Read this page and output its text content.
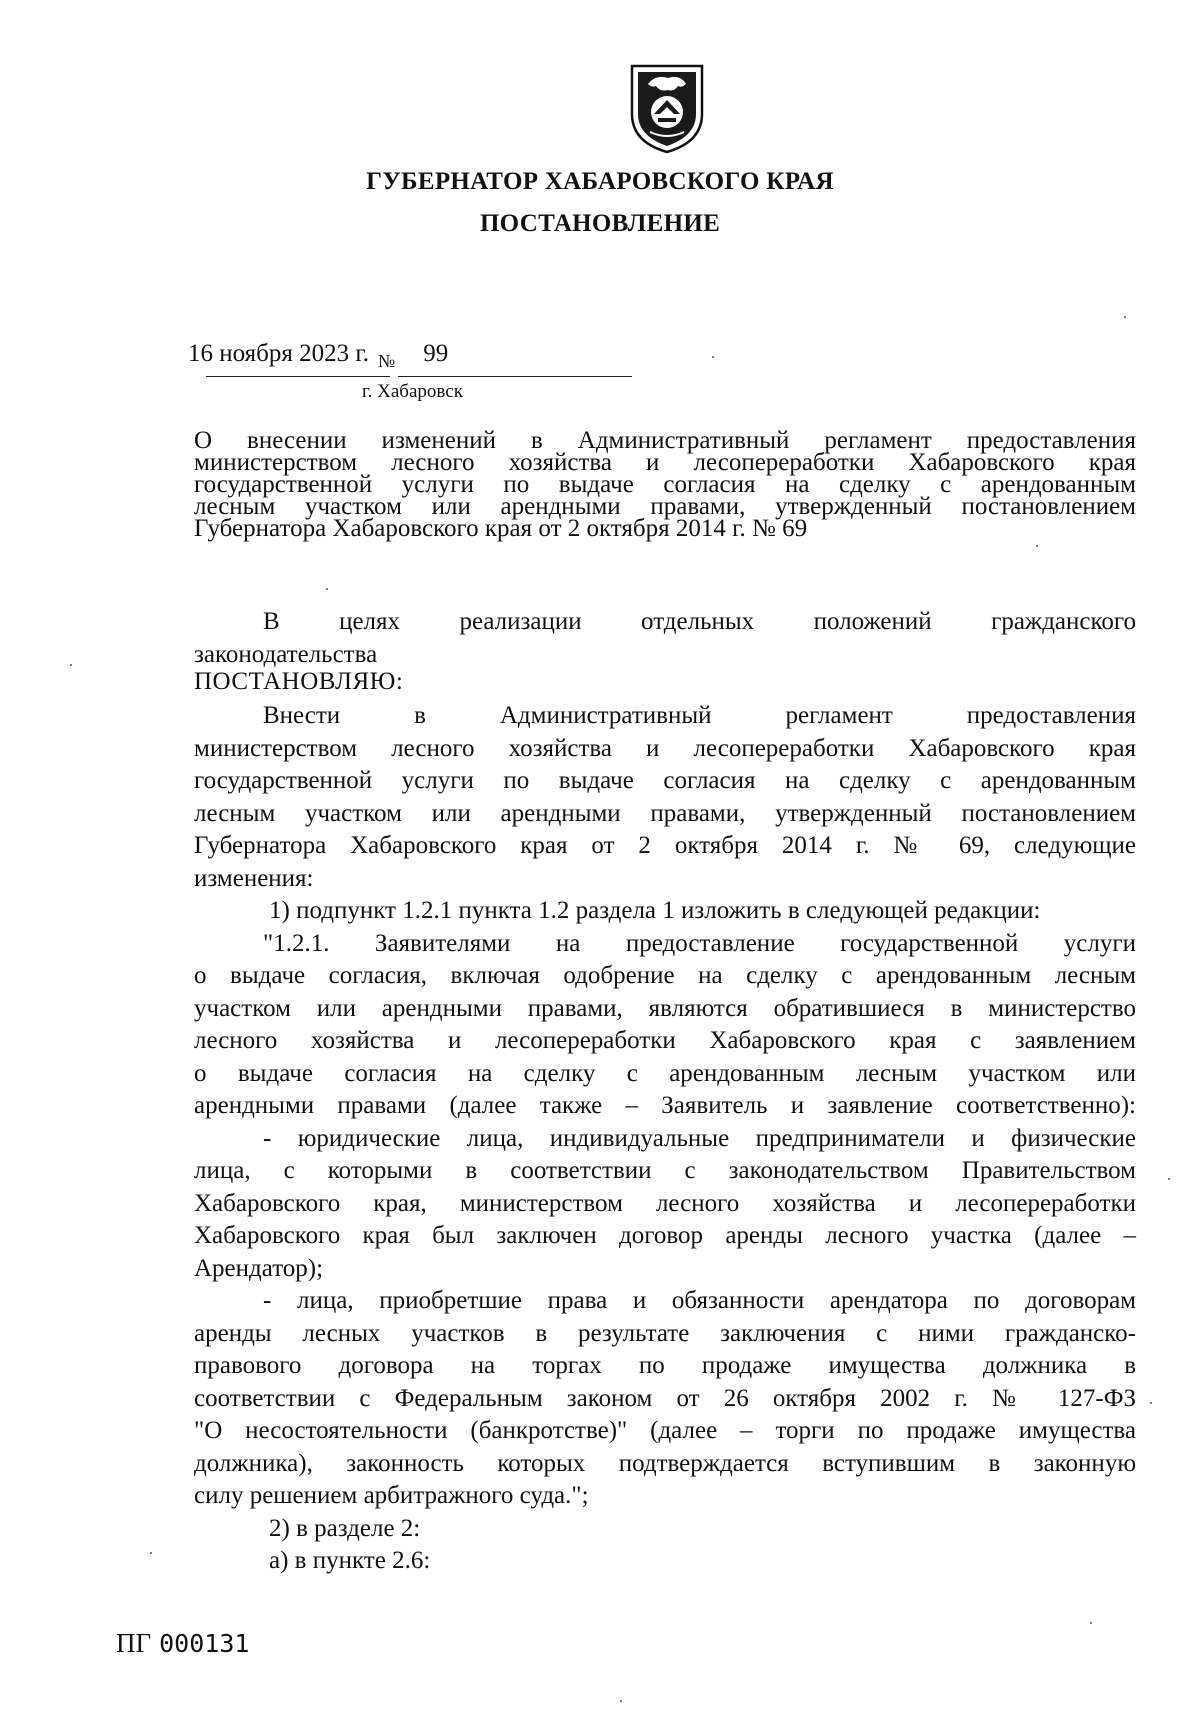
ГУБЕРНАТОР ХАБАРОВСКОГО КРАЯ
ПОСТАНОВЛЕНИЕ
16 ноября 2023 г. $_№$ 99
г. Хабаровск
О внесении изменений в Административный регламент предоставления
министерством лесного хозяйства и лесопереработки Хабаровского края
государственной услуги по выдаче согласия на сделку с арендованным
лесным участком или арендными правами, утвержденный постановлением
Губернатора Хабаровского края от 2 октября 2014 г. № 69
В целях реализации отдельных положений гражданского
законодательства
ПОСТАНОВЛЯЮ:
Внести в Административный регламент предоставления
министерством лесного хозяйства и лесопереработки Хабаровского края
государственной услуги по выдаче согласия на сделку с арендованным
лесным участком или арендными правами, утвержденный постановлением
Губернатора Хабаровского края от 2 октября 2014 г. № 69, следующие
изменения:
1) подпункт 1.2.1 пункта 1.2 раздела 1 изложить в следующей редакции:
"1.2.1. Заявителями на предоставление государственной услуги
о выдаче согласия, включая одобрение на сделку с арендованным лесным
участком или арендными правами, являются обратившиеся в министерство
лесного хозяйства и лесопереработки Хабаровского края с заявлением
о выдаче согласия на сделку с арендованным лесным участком или
арендными правами (далее также – Заявитель и заявление соответственно):
- юридические лица, индивидуальные предприниматели и физические
лица, с которыми в соответствии с законодательством Правительством
Хабаровского края, министерством лесного хозяйства и лесопереработки
Хабаровского края был заключен договор аренды лесного участка (далее –
Арендатор);
- лица, приобретшие права и обязанности арендатора по договорам
аренды лесных участков в результате заключения с ними гражданско-
правового договора на торгах по продаже имущества должника в
соответствии с Федеральным законом от 26 октября 2002 г. № 127-ФЗ
"О несостоятельности (банкротстве)" (далее – торги по продаже имущества
должника), законность которых подтверждается вступившим в законную
силу решением арбитражного суда.";
2) в разделе 2:
а) в пункте 2.6:
ПГ 000131
